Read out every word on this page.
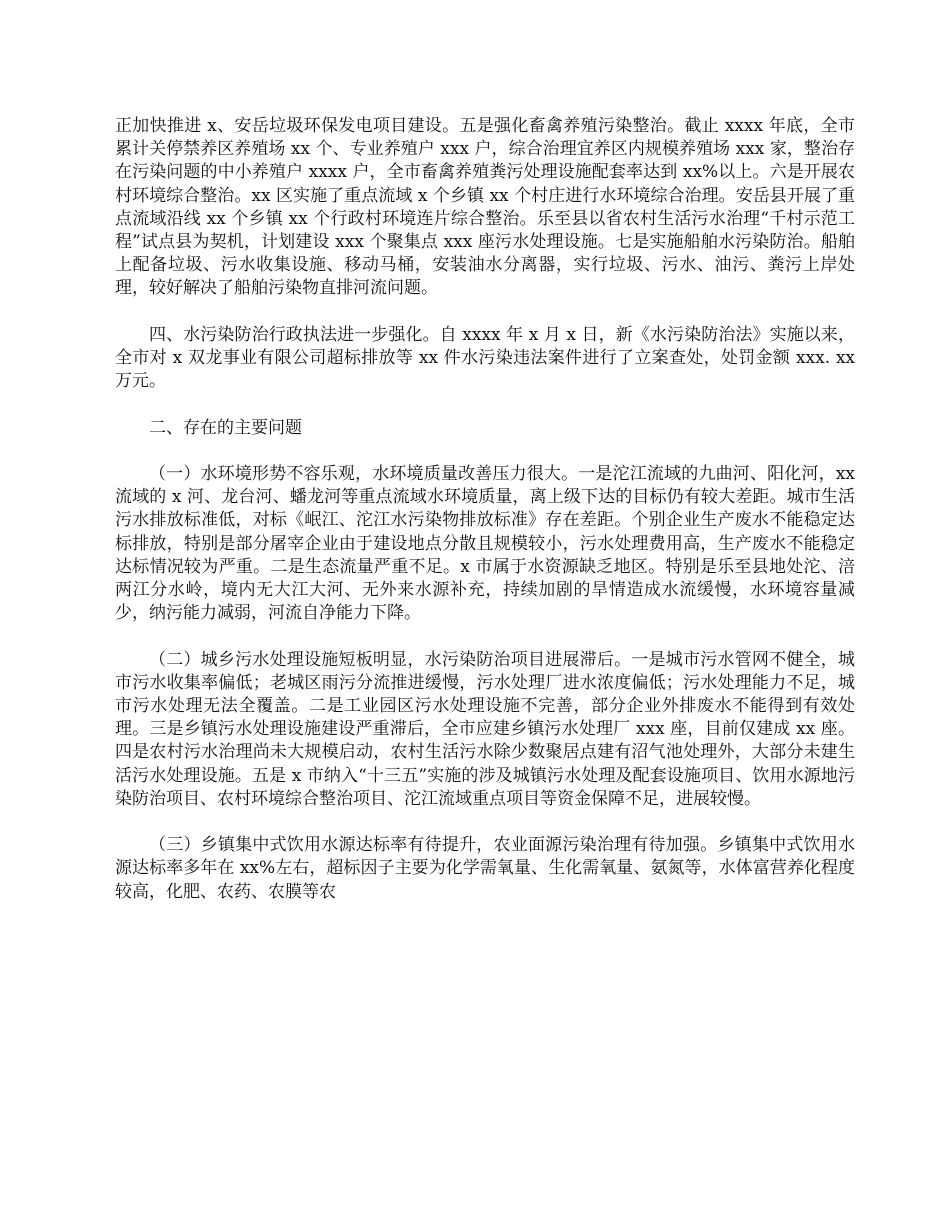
正加快推进 x、安岳垃圾环保发电项目建设。五是强化畜禽养殖污染整治。截止 xxxx 年底，全市累计关停禁养区养殖场 xx 个、专业养殖户 xxx 户，综合治理宜养区内规模养殖场 xxx 家，整治存在污染问题的中小养殖户 xxxx 户，全市畜禽养殖粪污处理设施配套率达到 xx%以上。六是开展农村环境综合整治。xx 区实施了重点流域 x 个乡镇 xx 个村庄进行水环境综合治理。安岳县开展了重点流域沿线 xx 个乡镇 xx 个行政村环境连片综合整治。乐至县以省农村生活污水治理“千村示范工程”试点县为契机，计划建设 xxx 个聚集点 xxx 座污水处理设施。七是实施船舶水污染防治。船舶上配备垃圾、污水收集设施、移动马桶，安装油水分离器，实行垃圾、污水、油污、粪污上岸处理，较好解决了船舶污染物直排河流问题。

四、水污染防治行政执法进一步强化。自 xxxx 年 x 月 x 日，新《水污染防治法》实施以来，全市对 x 双龙事业有限公司超标排放等 xx 件水污染违法案件进行了立案查处，处罚金额 xxx. xx 万元。

二、存在的主要问题

（一）水环境形势不容乐观，水环境质量改善压力很大。一是沱江流域的九曲河、阳化河，xx 流域的 x 河、龙台河、蟠龙河等重点流域水环境质量，离上级下达的目标仍有较大差距。城市生活污水排放标准低，对标《岷江、沱江水污染物排放标准》存在差距。个别企业生产废水不能稳定达标排放，特别是部分屠宰企业由于建设地点分散且规模较小，污水处理费用高，生产废水不能稳定达标情况较为严重。二是生态流量严重不足。x 市属于水资源缺乏地区。特别是乐至县地处沱、涪两江分水岭，境内无大江大河、无外来水源补充，持续加剧的旱情造成水流缓慢，水环境容量减少，纳污能力减弱，河流自净能力下降。

（二）城乡污水处理设施短板明显，水污染防治项目进展滞后。一是城市污水管网不健全，城市污水收集率偏低；老城区雨污分流推进缓慢，污水处理厂进水浓度偏低；污水处理能力不足，城市污水处理无法全覆盖。二是工业园区污水处理设施不完善，部分企业外排废水不能得到有效处理。三是乡镇污水处理设施建设严重滞后，全市应建乡镇污水处理厂 xxx 座，目前仅建成 xx 座。四是农村污水治理尚未大规模启动，农村生活污水除少数聚居点建有沼气池处理外，大部分未建生活污水处理设施。五是 x 市纳入“十三五”实施的涉及城镇污水处理及配套设施项目、饮用水源地污染防治项目、农村环境综合整治项目、沱江流域重点项目等资金保障不足，进展较慢。

（三）乡镇集中式饮用水源达标率有待提升，农业面源污染治理有待加强。乡镇集中式饮用水源达标率多年在 xx%左右，超标因子主要为化学需氧量、生化需氧量、氨氮等，水体富营养化程度较高，化肥、农药、农膜等农
